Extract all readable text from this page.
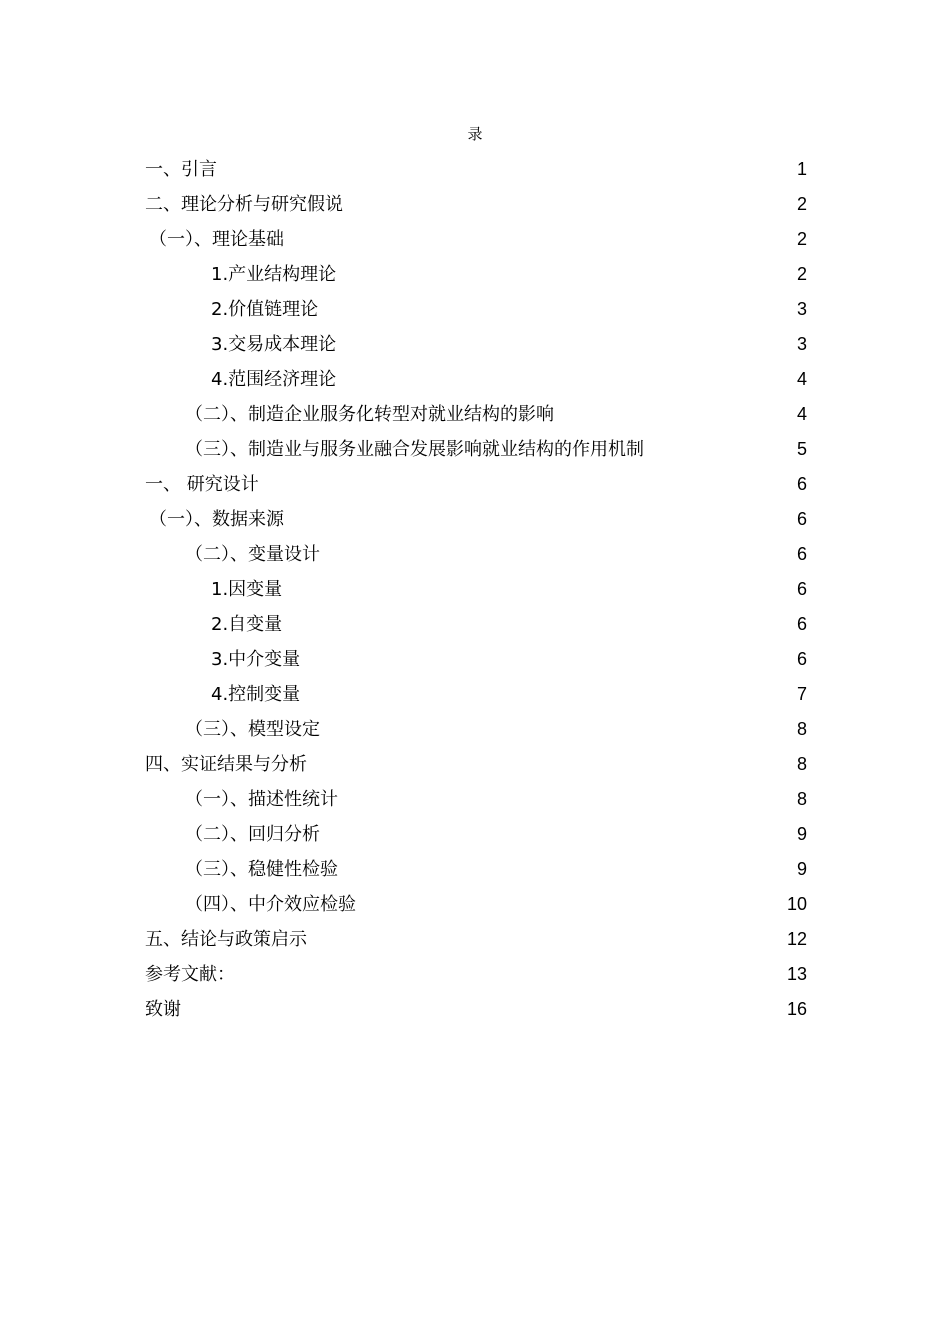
录
一、引言	1
二、理论分析与研究假说	2
（一）、理论基础	2
1.产业结构理论	2
2.价值链理论	3
3.交易成本理论	3
4.范围经济理论	4
（二）、制造企业服务化转型对就业结构的影响	4
（三）、制造业与服务业融合发展影响就业结构的作用机制	5
一、 研究设计	6
（一）、数据来源	6
（二）、变量设计	6
1.因变量	6
2.自变量	6
3.中介变量	6
4.控制变量	7
（三）、模型设定	8
四、实证结果与分析	8
（一）、描述性统计	8
（二）、回归分析	9
（三）、稳健性检验	9
（四）、中介效应检验	10
五、结论与政策启示	12
参考文献：	13
致谢	16
